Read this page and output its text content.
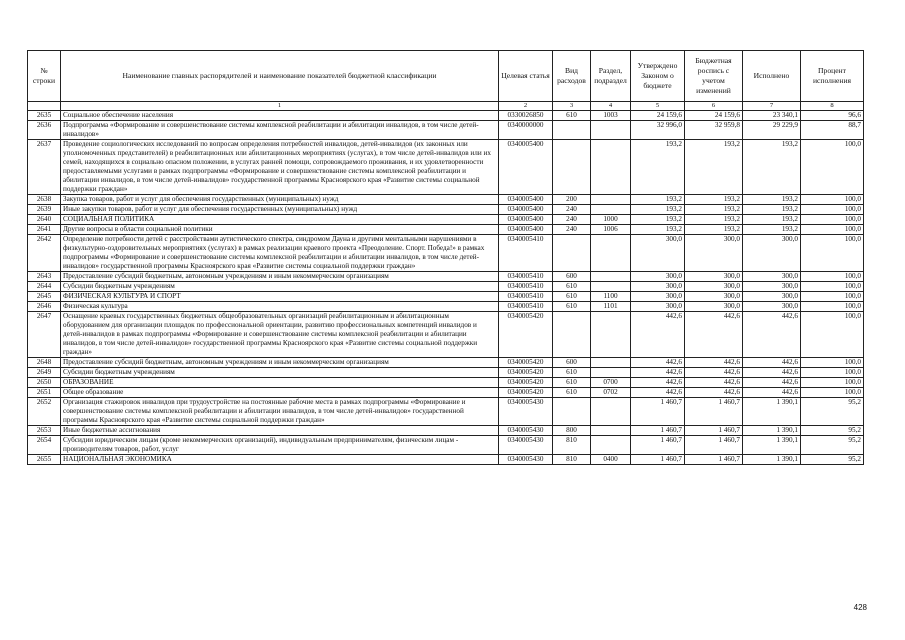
№ строки	Наименование главных распорядителей и наименование показателей бюджетной классификации	Целевая статья	Вид расходов	Раздел, подраздел	Утверждено Законом о бюджете	Бюджетная роспись с учетом изменений	Исполнено	Процент исполнения
	1	2	3	4	5	6	7	8
2635	Социальное обеспечение населения	0330026850	610	1003	24 159,6	24 159,6	23 340,1	96,6
2636	Подпрограмма «Формирование и совершенствование системы комплексной реабилитации и абилитации инвалидов, в том числе детей-инвалидов»	0340000000			32 996,0	32 959,8	29 229,9	88,7
2637	Проведение социологических исследований по вопросам определения потребностей инвалидов, детей-инвалидов (их законных или уполномоченных представителей) в реабилитационных или абилитационных мероприятиях (услугах), в том числе детей-инвалидов или их семей, находящихся в социально опасном положении, в услугах ранней помощи, сопровождаемого проживания, и их удовлетворенности предоставляемыми услугами в рамках подпрограммы «Формирование и совершенствование системы комплексной реабилитации и абилитации инвалидов, в том числе детей-инвалидов» государственной программы Красноярского края «Развитие системы социальной поддержки граждан»	0340005400			193,2	193,2	193,2	100,0
2638	Закупка товаров, работ и услуг для обеспечения государственных (муниципальных) нужд	0340005400	200		193,2	193,2	193,2	100,0
2639	Иные закупки товаров, работ и услуг для обеспечения государственных (муниципальных) нужд	0340005400	240		193,2	193,2	193,2	100,0
2640	СОЦИАЛЬНАЯ ПОЛИТИКА	0340005400	240	1000	193,2	193,2	193,2	100,0
2641	Другие вопросы в области социальной политики	0340005400	240	1006	193,2	193,2	193,2	100,0
2642	Определение потребности детей с расстройствами аутистического спектра, синдромом Дауна и другими ментальными нарушениями в физкультурно-оздоровительных мероприятиях (услугах) в рамках реализации краевого проекта «Преодоление. Спорт. Победа!» в рамках подпрограммы «Формирование и совершенствование системы комплексной реабилитации и абилитации инвалидов, в том числе детей-инвалидов» государственной программы Красноярского края «Развитие системы социальной поддержки граждан»	0340005410			300,0	300,0	300,0	100,0
2643	Предоставление субсидий бюджетным, автономным учреждениям и иным некоммерческим организациям	0340005410	600		300,0	300,0	300,0	100,0
2644	Субсидии бюджетным учреждениям	0340005410	610		300,0	300,0	300,0	100,0
2645	ФИЗИЧЕСКАЯ КУЛЬТУРА И СПОРТ	0340005410	610	1100	300,0	300,0	300,0	100,0
2646	Физическая культура	0340005410	610	1101	300,0	300,0	300,0	100,0
2647	Оснащение краевых государственных бюджетных общеобразовательных организаций реабилитационным и абилитационным оборудованием для организации площадок по профессиональной ориентации, развитию профессиональных компетенций инвалидов и детей-инвалидов в рамках подпрограммы «Формирование и совершенствование системы комплексной реабилитации и абилитации инвалидов, в том числе детей-инвалидов» государственной программы Красноярского края «Развитие системы социальной поддержки граждан»	0340005420			442,6	442,6	442,6	100,0
2648	Предоставление субсидий бюджетным, автономным учреждениям и иным некоммерческим организациям	0340005420	600		442,6	442,6	442,6	100,0
2649	Субсидии бюджетным учреждениям	0340005420	610		442,6	442,6	442,6	100,0
2650	ОБРАЗОВАНИЕ	0340005420	610	0700	442,6	442,6	442,6	100,0
2651	Общее образование	0340005420	610	0702	442,6	442,6	442,6	100,0
2652	Организация стажировок инвалидов при трудоустройстве на постоянные рабочие места в рамках подпрограммы «Формирование и совершенствование системы комплексной реабилитации и абилитации инвалидов, в том числе детей-инвалидов» государственной программы Красноярского края «Развитие системы социальной поддержки граждан»	0340005430			1 460,7	1 460,7	1 390,1	95,2
2653	Иные бюджетные ассигнования	0340005430	800		1 460,7	1 460,7	1 390,1	95,2
2654	Субсидии юридическим лицам (кроме некоммерческих организаций), индивидуальным предпринимателям, физическим лицам - производителям товаров, работ, услуг	0340005430	810		1 460,7	1 460,7	1 390,1	95,2
2655	НАЦИОНАЛЬНАЯ ЭКОНОМИКА	0340005430	810	0400	1 460,7	1 460,7	1 390,1	95,2
428
